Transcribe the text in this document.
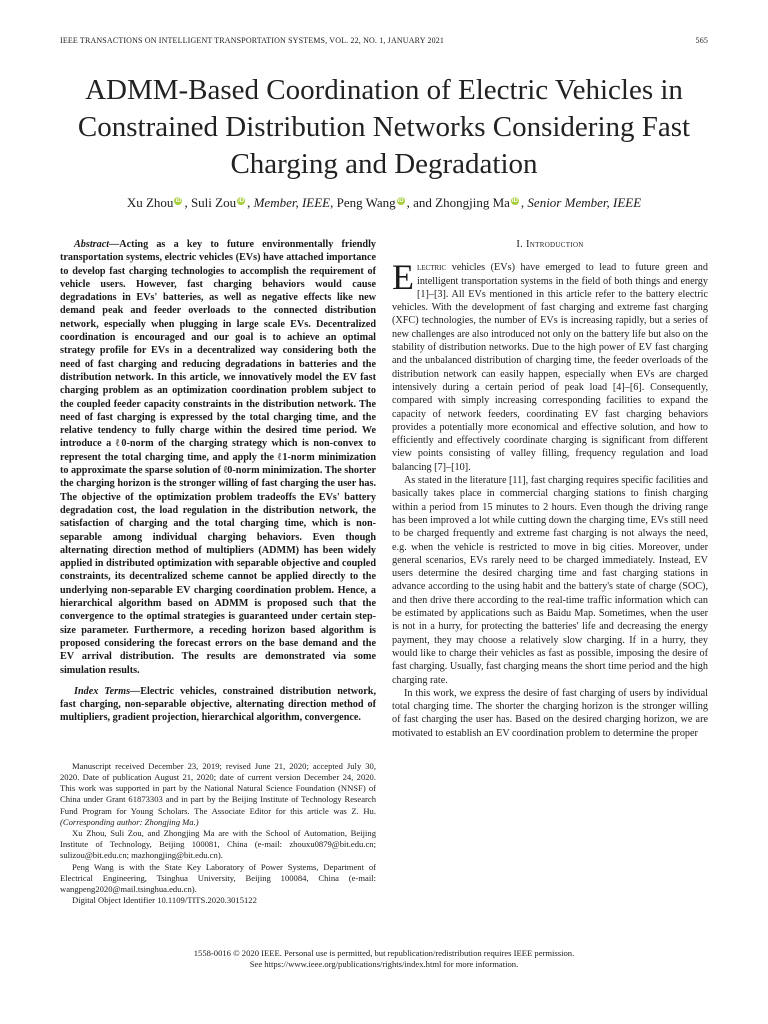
IEEE TRANSACTIONS ON INTELLIGENT TRANSPORTATION SYSTEMS, VOL. 22, NO. 1, JANUARY 2021	565
ADMM-Based Coordination of Electric Vehicles in Constrained Distribution Networks Considering Fast Charging and Degradation
Xu Zhou iD , Suli Zou iD , Member, IEEE, Peng Wang iD , and Zhongjing Ma iD , Senior Member, IEEE

Abstract—Acting as a key to future environmentally friendly transportation systems, electric vehicles (EVs) have attached importance to develop fast charging technologies to accomplish the requirement of vehicle users. However, fast charging behaviors would cause degradations in EVs' batteries, as well as negative effects like new demand peak and feeder overloads to the connected distribution network, especially when plugging in large scale EVs. Decentralized coordination is encouraged and our goal is to achieve an optimal strategy profile for EVs in a decentralized way considering both the need of fast charging and reducing degradations in batteries and the distribution network. In this article, we innovatively model the EV fast charging problem as an optimization coordination problem subject to the coupled feeder capacity constraints in the distribution network. The need of fast charging is expressed by the total charging time, and the relative tendency to fully charge within the desired time period. We introduce a ℓ0-norm of the charging strategy which is non-convex to represent the total charging time, and apply the ℓ1-norm minimization to approximate the sparse solution of ℓ0-norm minimization. The shorter the charging horizon is the stronger willing of fast charging the user has. The objective of the optimization problem tradeoffs the EVs' battery degradation cost, the load regulation in the distribution network, the satisfaction of charging and the total charging time, which is non-separable among individual charging behaviors. Even though alternating direction method of multipliers (ADMM) has been widely applied in distributed optimization with separable objective and coupled constraints, its decentralized scheme cannot be applied directly to the underlying non-separable EV charging coordination problem. Hence, a hierarchical algorithm based on ADMM is proposed such that the convergence to the optimal strategies is guaranteed under certain step-size parameter. Furthermore, a receding horizon based algorithm is proposed considering the forecast errors on the base demand and the EV arrival distribution. The results are demonstrated via some simulation results.

Index Terms—Electric vehicles, constrained distribution network, fast charging, non-separable objective, alternating direction method of multipliers, gradient projection, hierarchical algorithm, convergence.

Manuscript received December 23, 2019; revised June 21, 2020; accepted July 30, 2020. Date of publication August 21, 2020; date of current version December 24, 2020. This work was supported in part by the National Natural Science Foundation (NNSF) of China under Grant 61873303 and in part by the Beijing Institute of Technology Research Fund Program for Young Scholars. The Associate Editor for this article was Z. Hu. (Corresponding author: Zhongjing Ma.)

Xu Zhou, Suli Zou, and Zhongjing Ma are with the School of Automation, Beijing Institute of Technology, Beijing 100081, China (e-mail: zhouxu0879@bit.edu.cn; sulizou@bit.edu.cn; mazhongjing@bit.edu.cn).

Peng Wang is with the State Key Laboratory of Power Systems, Department of Electrical Engineering, Tsinghua University, Beijing 100084, China (e-mail: wangpeng2020@mail.tsinghua.edu.cn).

Digital Object Identifier 10.1109/TITS.2020.3015122

I. Introduction

Electric vehicles (EVs) have emerged to lead to future green and intelligent transportation systems in the field of both things and energy [1]–[3]. All EVs mentioned in this article refer to the battery electric vehicles. With the development of fast charging and extreme fast charging (XFC) technologies, the number of EVs is increasing rapidly, but a series of new challenges are also introduced not only on the battery life but also on the stability of distribution networks. Due to the high power of EV fast charging and the unbalanced distribution of charging time, the feeder overloads of the distribution network can easily happen, especially when EVs are charged intensively during a certain period of peak load [4]–[6]. Consequently, compared with simply increasing corresponding facilities to expand the capacity of network feeders, coordinating EV fast charging behaviors provides a potentially more economical and effective solution, and how to efficiently and effectively coordinate charging is significant from different view points consisting of valley filling, frequency regulation and load balancing [7]–[10].

As stated in the literature [11], fast charging requires specific facilities and basically takes place in commercial charging stations to finish charging within a period from 15 minutes to 2 hours. Even though the driving range has been improved a lot while cutting down the charging time, EVs still need to be charged frequently and extreme fast charging is not always the need, e.g. when the vehicle is restricted to move in big cities. Moreover, under general scenarios, EVs rarely need to be charged immediately. Instead, EV users determine the desired charging time and fast charging stations in advance according to the using habit and the battery's state of charge (SOC), and then drive there according to the real-time traffic information which can be estimated by applications such as Baidu Map. Sometimes, when the user is not in a hurry, for protecting the batteries' life and decreasing the energy payment, they may choose a relatively slow charging. If in a hurry, they would like to charge their vehicles as fast as possible, imposing the desire of fast charging. Usually, fast charging means the short time period and the high charging rate.

In this work, we express the desire of fast charging of users by individual total charging time. The shorter the charging horizon is the stronger willing of fast charging the user has. Based on the desired charging horizon, we are motivated to establish an EV coordination problem to determine the proper

1558-0016 © 2020 IEEE. Personal use is permitted, but republication/redistribution requires IEEE permission.
See https://www.ieee.org/publications/rights/index.html for more information.
